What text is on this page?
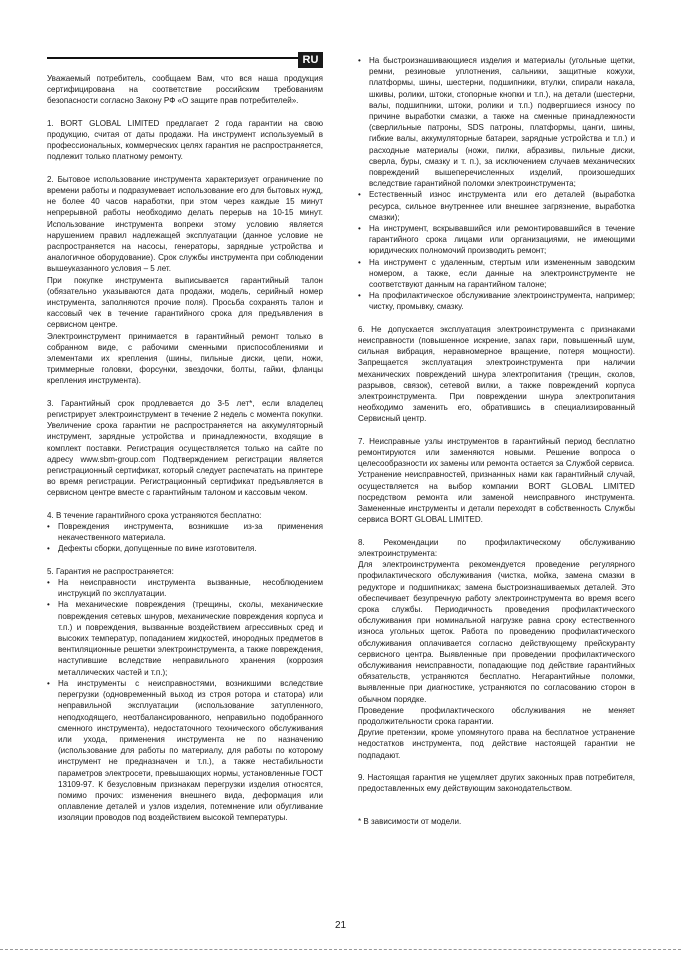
RU

Уважаемый потребитель, сообщаем Вам, что вся наша продукция сертифицирована на соответствие российским требованиям безопасности согласно Закону РФ «О защите прав потребителей».

1. BORT GLOBAL LIMITED предлагает 2 года гарантии на свою продукцию, считая от даты продажи. На инструмент используемый в профессиональных, коммерческих целях гарантия не распространяется, подлежит только платному ремонту.

2. Бытовое использование инструмента характеризует ограничение по времени работы и подразумевает использование его для бытовых нужд, не более 40 часов наработки, при этом через каждые 15 минут непрерывной работы необходимо делать перерыв на 10-15 минут. Использование инструмента вопреки этому условию является нарушением правил надлежащей эксплуатации (данное условие не распространяется на насосы, генераторы, зарядные устройства и аналогичное оборудование). Срок службы инструмента при соблюдении вышеуказанного условия – 5 лет.

При покупке инструмента выписывается гарантийный талон (обязательно указываются дата продажи, модель, серийный номер инструмента, заполняются прочие поля). Просьба сохранять талон и кассовый чек в течение гарантийного срока для предъявления в сервисном центре.

Электроинструмент принимается в гарантийный ремонт только в собранном виде, с рабочими сменными приспособлениями и элементами их крепления (шины, пильные диски, цепи, ножи, триммерные головки, форсунки, звездочки, болты, гайки, фланцы крепления инструмента).

3. Гарантийный срок продлевается до 3-5 лет*, если владелец регистрирует электроинструмент в течение 2 недель с момента покупки. Увеличение срока гарантии не распространяется на аккумуляторный инструмент, зарядные устройства и принадлежности, входящие в комплект поставки. Регистрация осуществляется только на сайте по адресу www.sbm-group.com Подтверждением регистрации является регистрационный сертификат, который следует распечатать на принтере во время регистрации. Регистрационный сертификат предъявляется в сервисном центре вместе с гарантийным талоном и кассовым чеком.

4. В течение гарантийного срока устраняются бесплатно:

• Повреждения инструмента, возникшие из-за применения некачественного материала.
• Дефекты сборки, допущенные по вине изготовителя.

5. Гарантия не распространяется:

• На неисправности инструмента вызванные, несоблюдением инструкций по эксплуатации.
• На механические повреждения (трещины, сколы, механические повреждения сетевых шнуров, механические повреждения корпуса и т.п.) и повреждения, вызванные воздействием агрессивных сред и высоких температур, попаданием жидкостей, инородных предметов в вентиляционные решетки электроинструмента, а также повреждения, наступившие вследствие неправильного хранения (коррозия металлических частей и т.п.);
• На инструменты с неисправностями, возникшими вследствие перегрузки (одновременный выход из строя ротора и статора) или неправильной эксплуатации (использование затупленного, неподходящего, неотбалансированного, неправильно подобранного сменного инструмента), недостаточного технического обслуживания или ухода, применения инструмента не по назначению (использование для работы по материалу, для работы по которому инструмент не предназначен и т.п.), а также нестабильности параметров электросети, превышающих нормы, установленные ГОСТ 13109-97. К безусловным признакам перегрузки изделия относятся, помимо прочих: изменения внешнего вида, деформация или оплавление деталей и узлов изделия, потемнение или обугливание изоляции проводов под воздействием высокой температуры.
• На быстроизнашивающиеся изделия и материалы (угольные щетки, ремни, резиновые уплотнения, сальники, защитные кожухи, платформы, шины, шестерни, подшипники, втулки, спирали накала, шкивы, ролики, штоки, стопорные кнопки и т.п.), на детали (шестерни, валы, подшипники, штоки, ролики и т.п.) подвергшиеся износу по причине выработки смазки, а также на сменные принадлежности (сверлильные патроны, SDS патроны, платформы, цанги, шины, гибкие валы, аккумуляторные батареи, зарядные устройства и т.п.) и расходные материалы (ножи, пилки, абразивы, пильные диски, сверла, буры, смазку и т. п.), за исключением случаев механических повреждений вышеперечисленных изделий, произошедших вследствие гарантийной поломки электроинструмента;
• Естественный износ инструмента или его деталей (выработка ресурса, сильное внутреннее или внешнее загрязнение, выработка смазки);
• На инструмент, вскрывавшийся или ремонтировавшийся в течение гарантийного срока лицами или организациями, не имеющими юридических полномочий производить ремонт;
• На инструмент с удаленным, стертым или измененным заводским номером, а также, если данные на электроинструменте не соответствуют данным на гарантийном талоне;
• На профилактическое обслуживание электроинструмента, например; чистку, промывку, смазку.

6. Не допускается эксплуатация электроинструмента с признаками неисправности (повышенное искрение, запах гари, повышенный шум, сильная вибрация, неравномерное вращение, потеря мощности). Запрещается эксплуатация электроинструмента при наличии механических повреждений шнура электропитания (трещин, сколов, разрывов, связок), сетевой вилки, а также повреждений корпуса электроинструмента. При повреждении шнура электропитания необходимо заменить его, обратившись в специализированный Сервисный центр.

7. Неисправные узлы инструментов в гарантийный период бесплатно ремонтируются или заменяются новыми. Решение вопроса о целесообразности их замены или ремонта остается за Службой сервиса.

Устранение неисправностей, признанных нами как гарантийный случай, осуществляется на выбор компании BORT GLOBAL LIMITED посредством ремонта или заменой неисправного инструмента. Замененные инструменты и детали переходят в собственность Службы сервиса BORT GLOBAL LIMITED.

8. Рекомендации по профилактическому обслуживанию электроинструмента:

Для электроинструмента рекомендуется проведение регулярного профилактического обслуживания (чистка, мойка, замена смазки в редукторе и подшипниках; замена быстроизнашиваемых деталей. Это обеспечивает безупречную работу электроинструмента во время всего срока службы. Периодичность проведения профилактического обслуживания при номинальной нагрузке равна сроку естественного износа угольных щеток. Работа по проведению профилактического обслуживания оплачивается согласно действующему прейскуранту сервисного центра. Выявленные при проведении профилактического обслуживания неисправности, попадающие под действие гарантийных обязательств, устраняются бесплатно. Негарантийные поломки, выявленные при диагностике, устраняются по согласованию сторон в обычном порядке.

Проведение профилактического обслуживания не меняет продолжительности срока гарантии.

Другие претензии, кроме упомянутого права на бесплатное устранение недостатков инструмента, под действие настоящей гарантии не подпадают.

9. Настоящая гарантия не ущемляет других законных прав потребителя, предоставленных ему действующим законодательством.

* В зависимости от модели.

21
